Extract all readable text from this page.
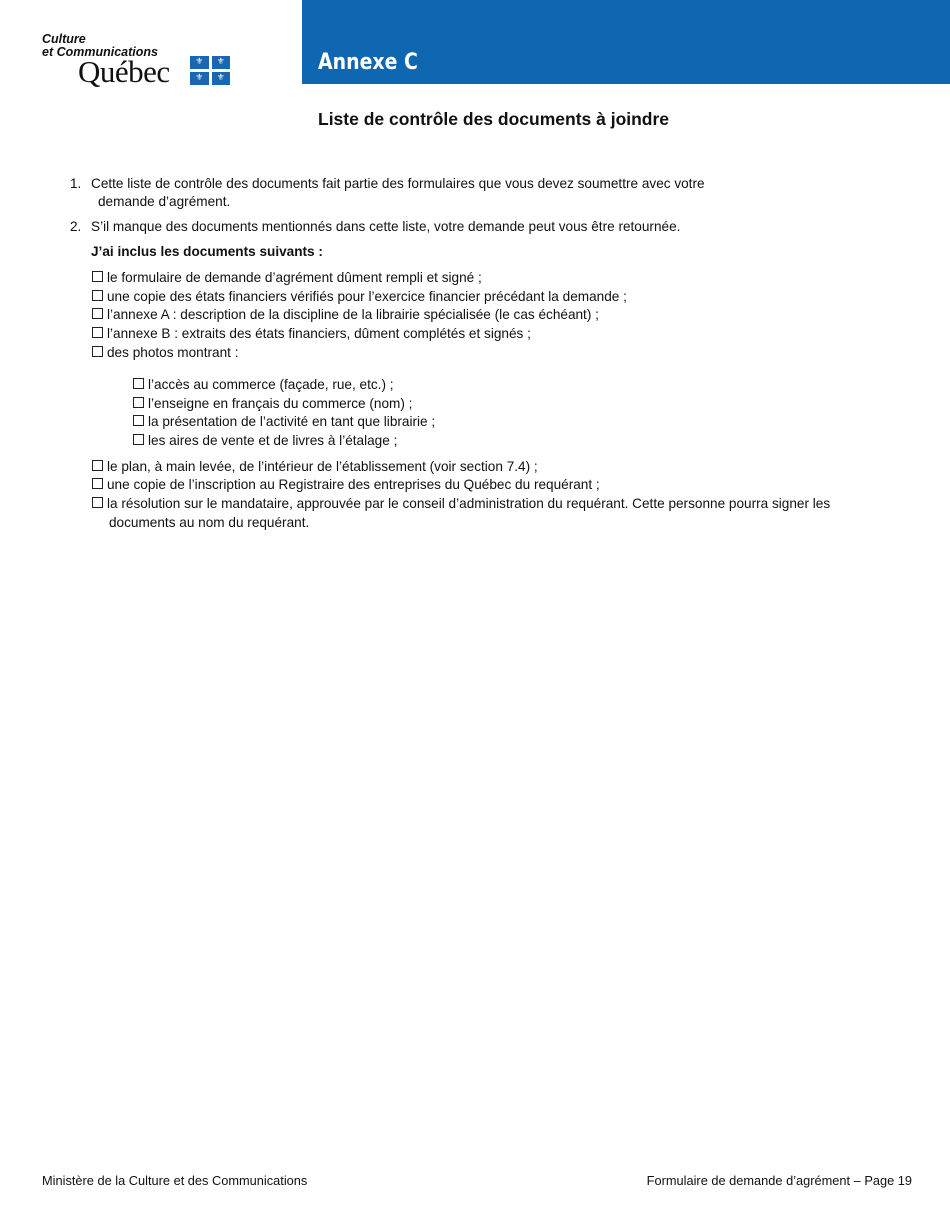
Culture
et Communications
Québec	⚜	⚜
⚜	⚜
Annexe C
Liste de contrôle des documents à joindre
1. Cette liste de contrôle des documents fait partie des formulaires que vous devez soumettre avec votre
demande d’agrément.
2. S’il manque des documents mentionnés dans cette liste, votre demande peut vous être retournée.
J’ai inclus les documents suivants :
le formulaire de demande d’agrément dûment rempli et signé ;
une copie des états financiers vérifiés pour l’exercice financier précédant la demande ;
l’annexe A : description de la discipline de la librairie spécialisée (le cas échéant) ;
l’annexe B : extraits des états financiers, dûment complétés et signés ;
des photos montrant :
l’accès au commerce (façade, rue, etc.) ;
l’enseigne en français du commerce (nom) ;
la présentation de l’activité en tant que librairie ;
les aires de vente et de livres à l’étalage ;
le plan, à main levée, de l’intérieur de l’établissement (voir section 7.4) ;
une copie de l’inscription au Registraire des entreprises du Québec du requérant ;
la résolution sur le mandataire, approuvée par le conseil d’administration du requérant. Cette personne pourra signer les
documents au nom du requérant.
Ministère de la Culture et des Communications	Formulaire de demande d’agrément – Page 19
